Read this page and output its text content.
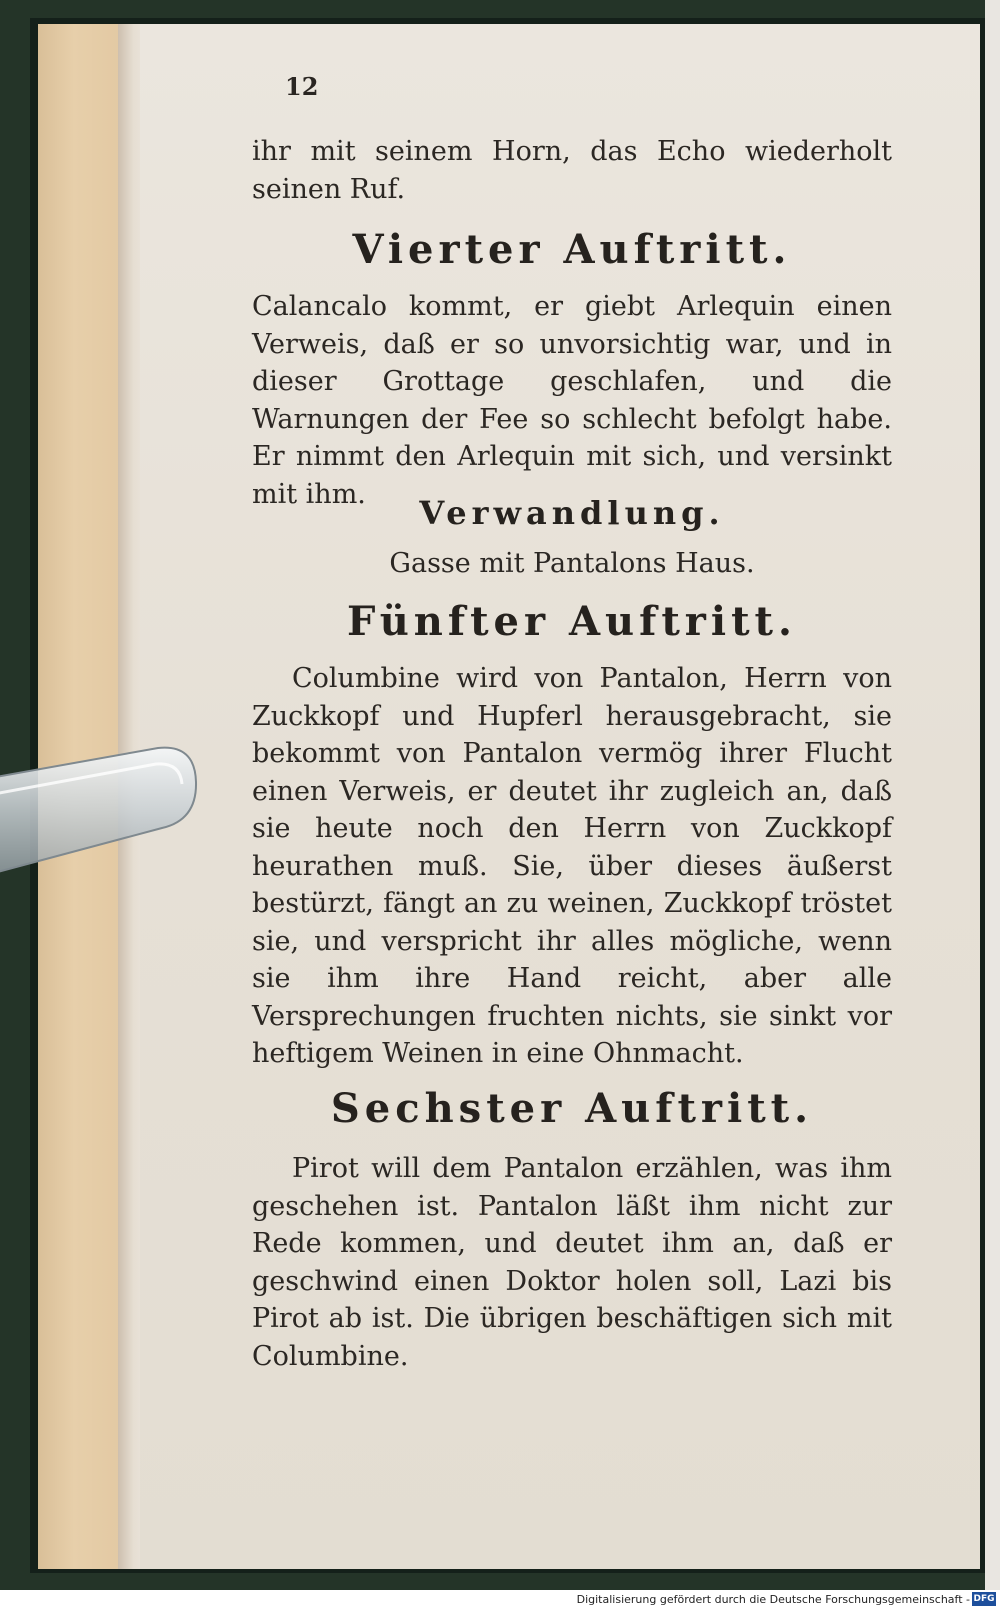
12
ihr mit seinem Horn, das Echo wiederholt seinen Ruf.
Vierter Auftritt.
Calancalo kommt, er giebt Arlequin einen Verweis, daß er so unvorsichtig war, und in dieser Grottage geschlafen, und die Warnungen der Fee so schlecht befolgt habe. Er nimmt den Arlequin mit sich, und versinkt mit ihm.	Verwandlung.
Gasse mit Pantalons Haus.
Fünfter Auftritt.
Columbine wird von Pantalon, Herrn von Zuckkopf und Hupferl herausgebracht, sie bekommt von Pantalon vermög ihrer Flucht einen Verweis, er deutet ihr zugleich an, daß sie heute noch den Herrn von Zuckkopf heurathen muß. Sie, über dieses äußerst bestürzt, fängt an zu weinen, Zuckkopf tröstet sie, und verspricht ihr alles mögliche, wenn sie ihm ihre Hand reicht, aber alle Versprechungen fruchten nichts, sie sinkt vor heftigem Weinen in eine Ohnmacht.
Sechster Auftritt.
Pirot will dem Pantalon erzählen, was ihm geschehen ist. Pantalon läßt ihm nicht zur Rede kommen, und deutet ihm an, daß er geschwind einen Doktor holen soll, Lazi bis Pirot ab ist. Die übrigen beschäftigen sich mit Columbine.
Digitalisierung gefördert durch die Deutsche Forschungsgemeinschaft - DFG
